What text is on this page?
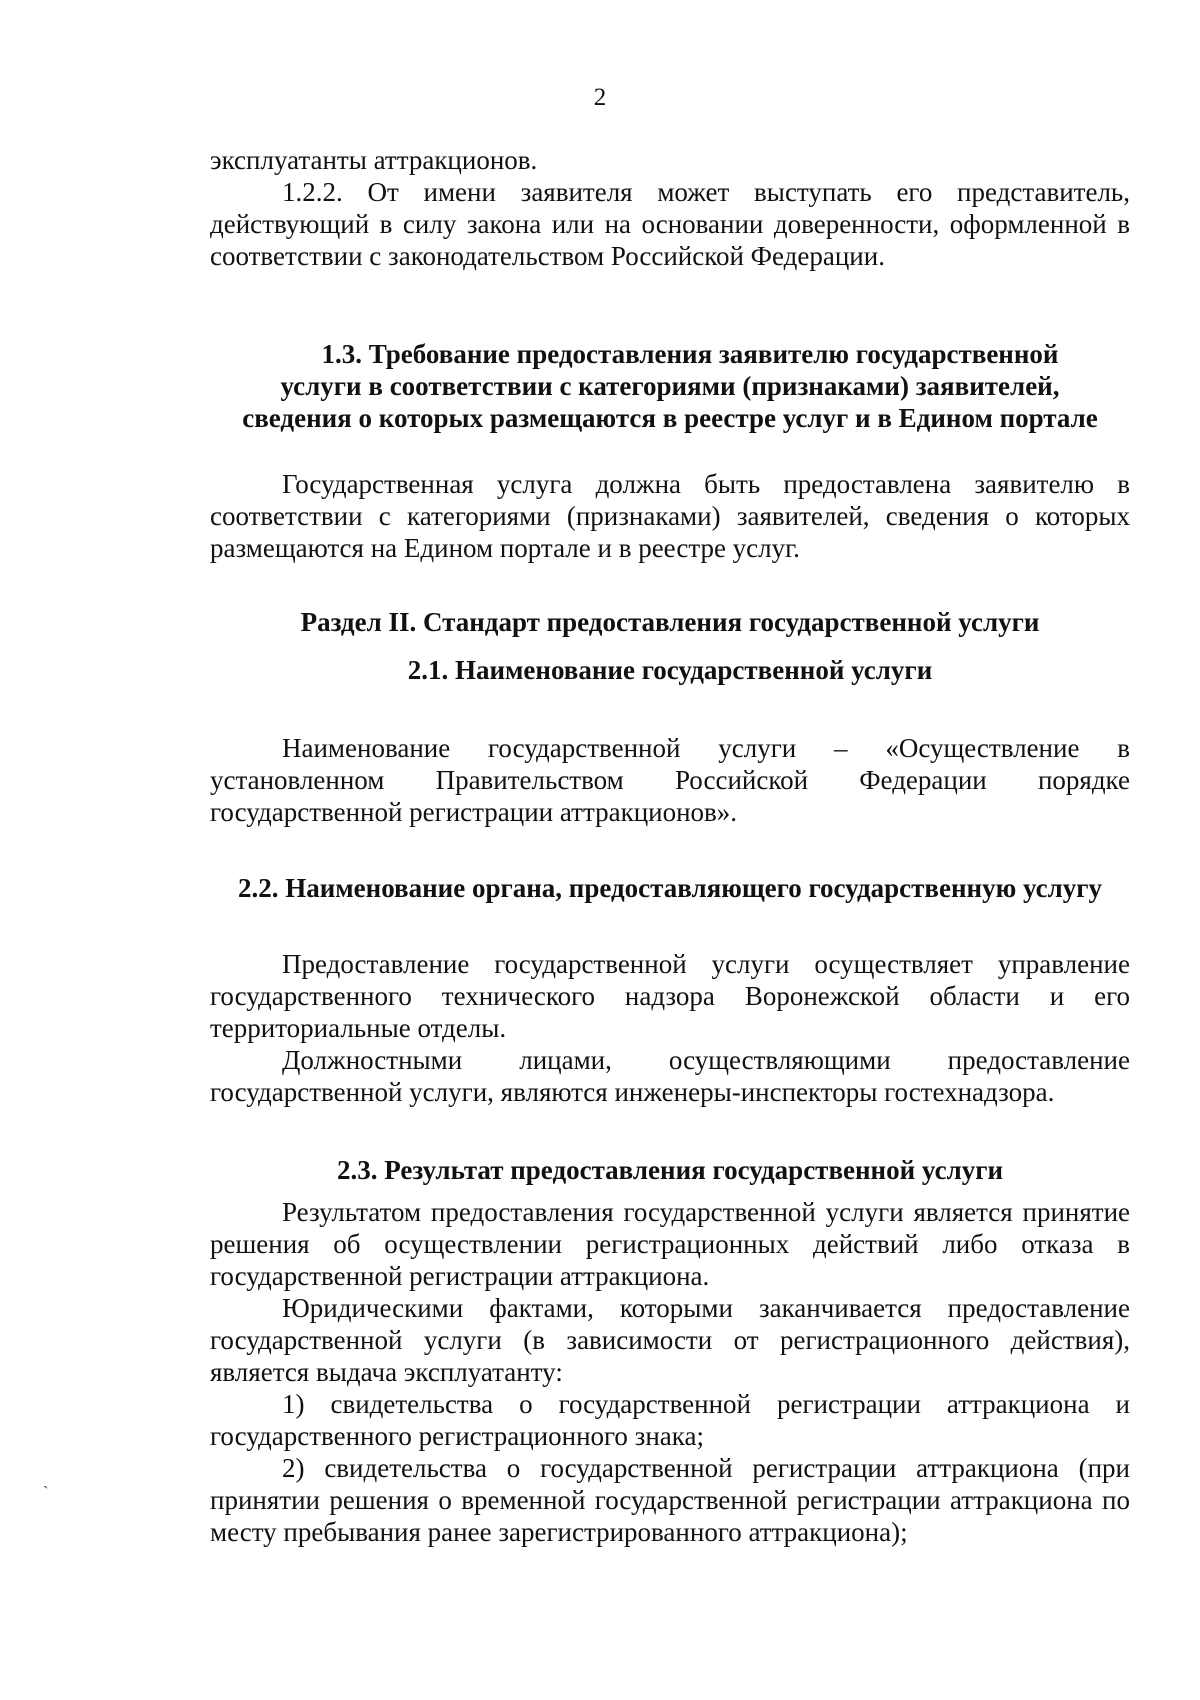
2

эксплуатанты аттракционов.

1.2.2. От имени заявителя может выступать его представитель, действующий в силу закона или на основании доверенности, оформленной в соответствии с законодательством Российской Федерации.

1.3. Требование предоставления заявителю государственной
услуги в соответствии с категориями (признаками) заявителей,
сведения о которых размещаются в реестре услуг и в Едином портале

Государственная услуга должна быть предоставлена заявителю в соответствии с категориями (признаками) заявителей, сведения о которых размещаются на Едином портале и в реестре услуг.

Раздел II. Стандарт предоставления государственной услуги
2.1. Наименование государственной услуги

Наименование государственной услуги – «Осуществление в установленном Правительством Российской Федерации порядке государственной регистрации аттракционов».

2.2. Наименование органа, предоставляющего государственную услугу

Предоставление государственной услуги осуществляет управление государственного технического надзора Воронежской области и его территориальные отделы.

Должностными лицами, осуществляющими предоставление государственной услуги, являются инженеры-инспекторы гостехнадзора.

2.3. Результат предоставления государственной услуги

Результатом предоставления государственной услуги является принятие решения об осуществлении регистрационных действий либо отказа в государственной регистрации аттракциона.

Юридическими фактами, которыми заканчивается предоставление государственной услуги (в зависимости от регистрационного действия), является выдача эксплуатанту:

1) свидетельства о государственной регистрации аттракциона и государственного регистрационного знака;

2) свидетельства о государственной регистрации аттракциона (при принятии решения о временной государственной регистрации аттракциона по месту пребывания ранее зарегистрированного аттракциона);

ˎ
